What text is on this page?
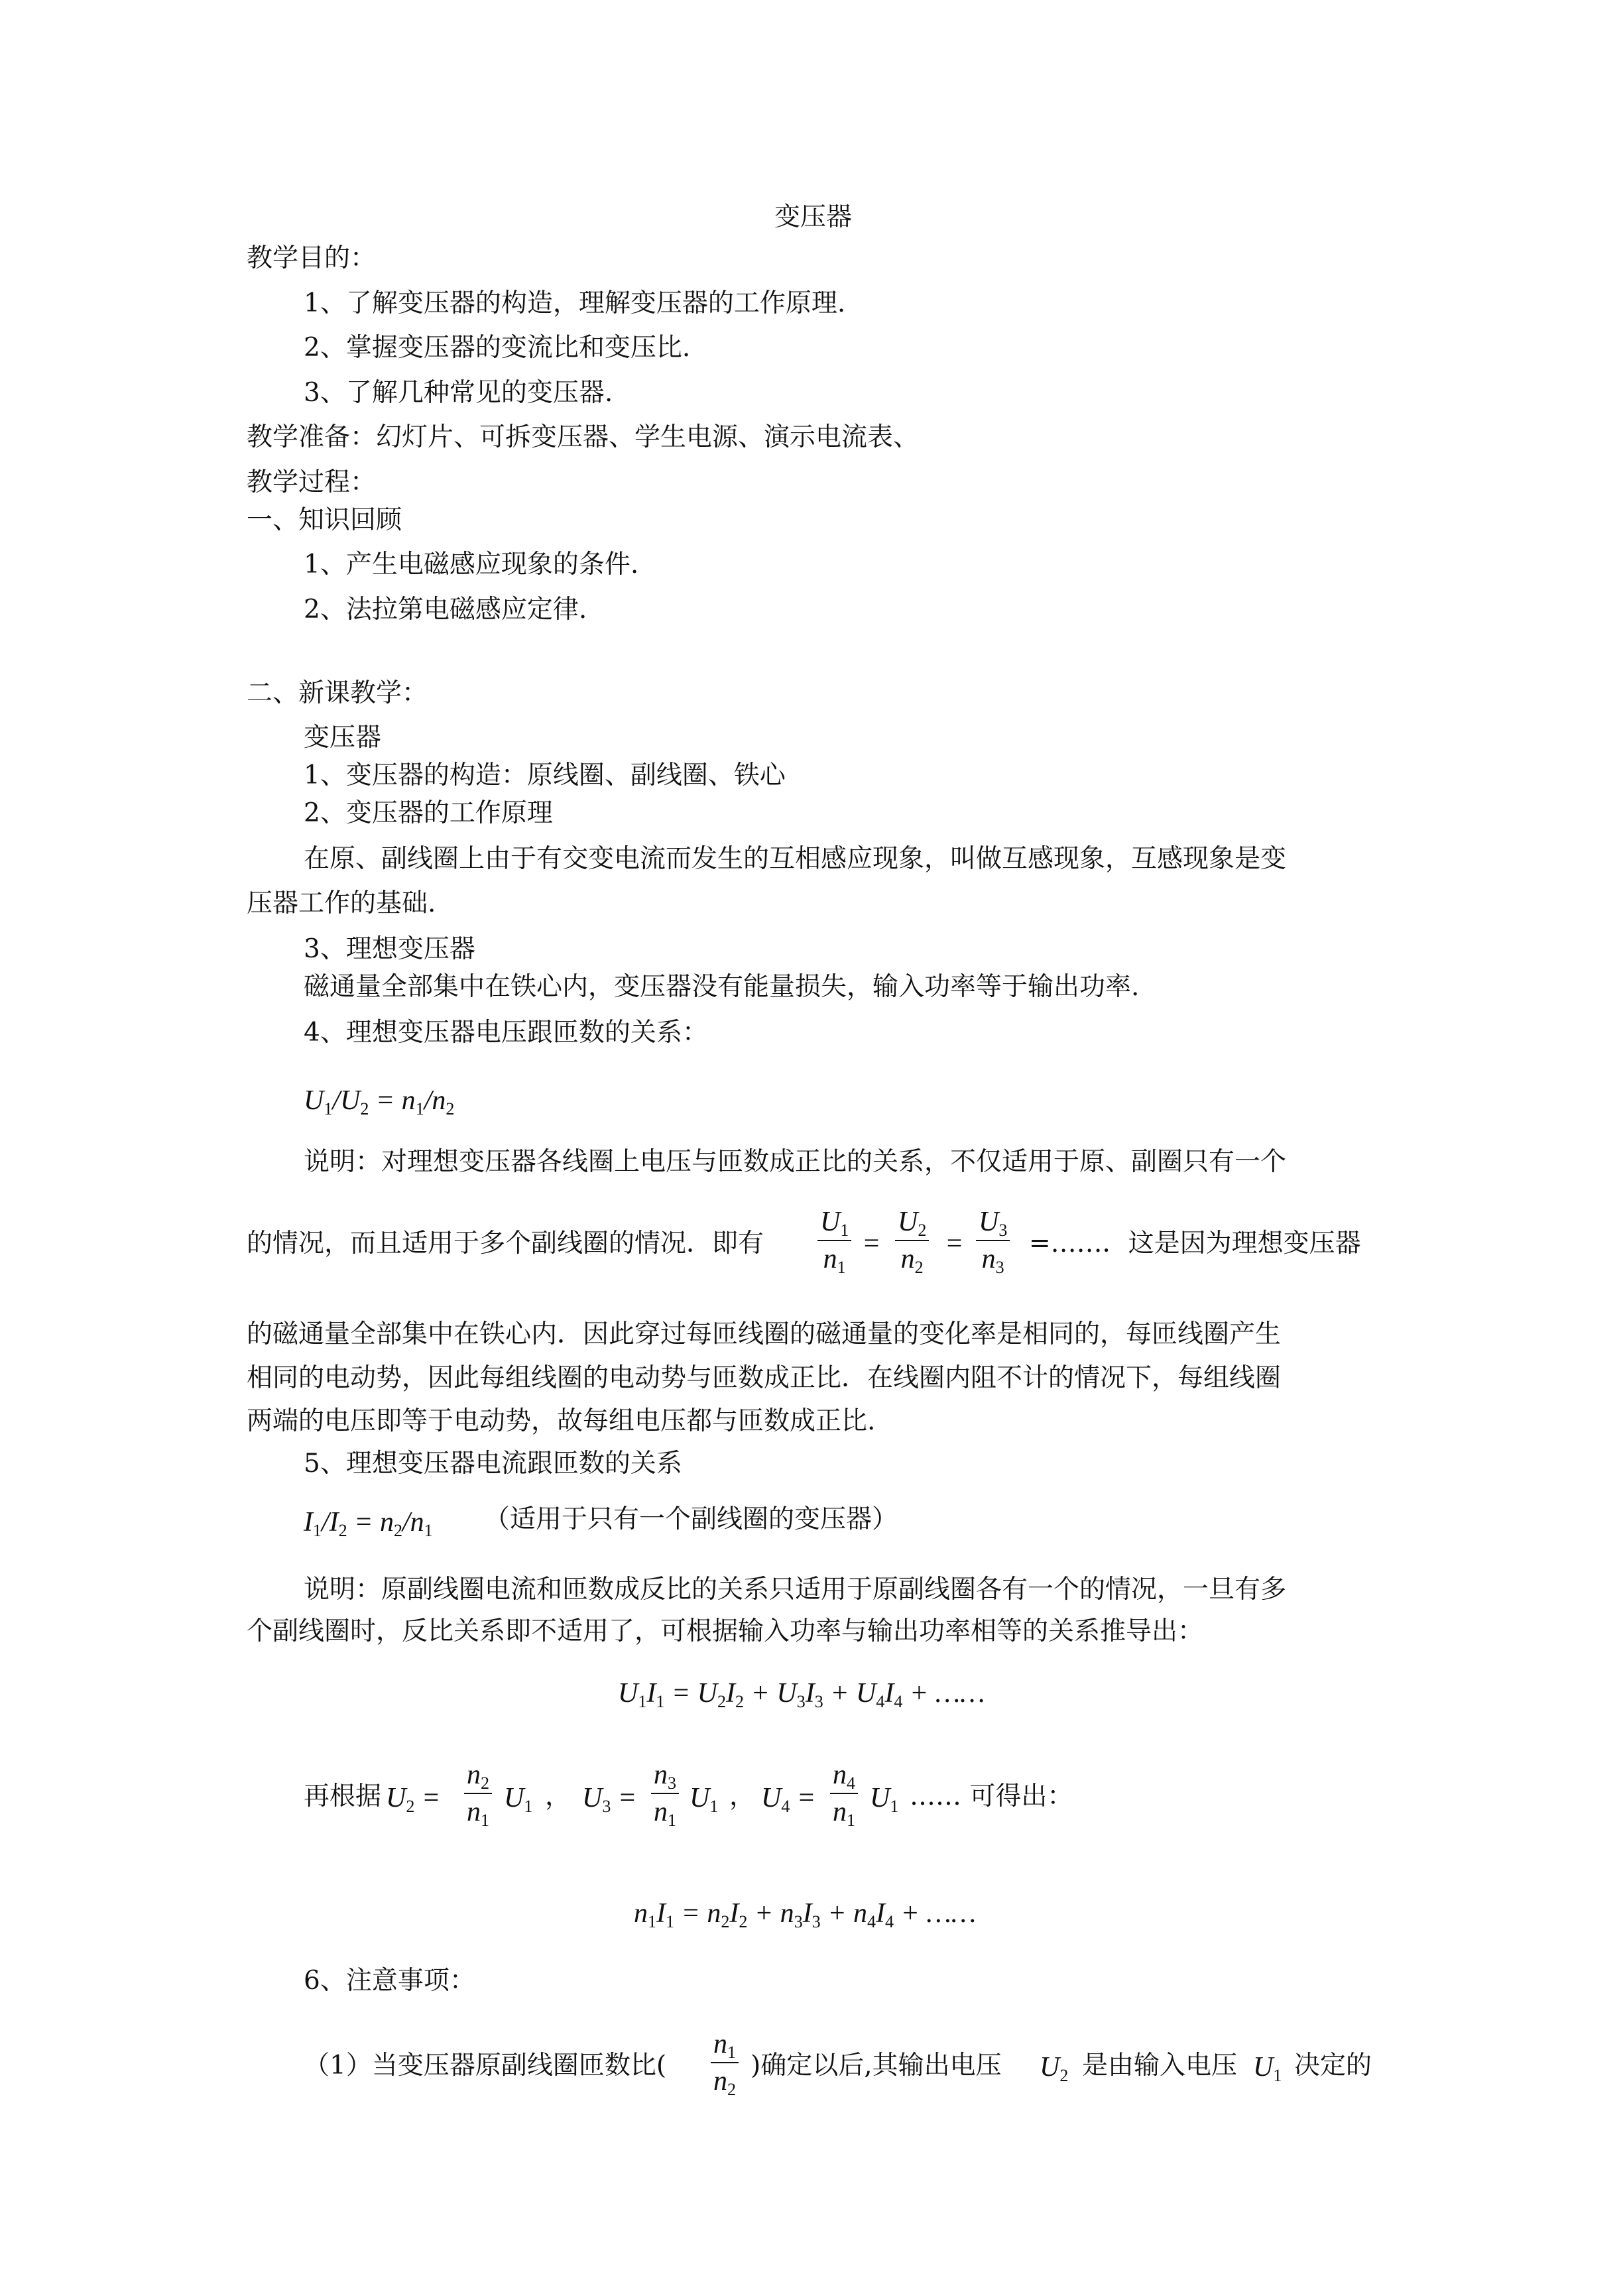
变压器
教学目的：
1、了解变压器的构造，理解变压器的工作原理.
2、掌握变压器的变流比和变压比.
3、了解几种常见的变压器.
教学准备：幻灯片、可拆变压器、学生电源、演示电流表、
教学过程：
一、知识回顾
1、产生电磁感应现象的条件.
2、法拉第电磁感应定律.
二、新课教学：
变压器
1、变压器的构造：原线圈、副线圈、铁心
2、变压器的工作原理
在原、副线圈上由于有交变电流而发生的互相感应现象，叫做互感现象，互感现象是变
压器工作的基础.
3、理想变压器
磁通量全部集中在铁心内，变压器没有能量损失，输入功率等于输出功率.
4、理想变压器电压跟匝数的关系：
$U_1/U_2 = n_1/n_2$
说明：对理想变压器各线圈上电压与匝数成正比的关系，不仅适用于原、副圈只有一个
的情况，而且适用于多个副线圈的情况．即有 $\frac{U_1}{n_1} = \frac{U_2}{n_2} = \frac{U_3}{n_3}$ =……．这是因为理想变压器
的磁通量全部集中在铁心内．因此穿过每匝线圈的磁通量的变化率是相同的，每匝线圈产生
相同的电动势，因此每组线圈的电动势与匝数成正比．在线圈内阻不计的情况下，每组线圈
两端的电压即等于电动势，故每组电压都与匝数成正比.
5、理想变压器电流跟匝数的关系
$I_1/I_2 = n_2/n_1$ （适用于只有一个副线圈的变压器）
说明：原副线圈电流和匝数成反比的关系只适用于原副线圈各有一个的情况，一旦有多
个副线圈时，反比关系即不适用了，可根据输入功率与输出功率相等的关系推导出：
$U_1I_1 = U_2I_2 + U_3I_3 + U_4I_4$ + ……
再根据 $U_2 = \frac{n_2}{n_1} U_1$ ， $U_3 = \frac{n_3}{n_1} U_1$ ， $U_4 = \frac{n_4}{n_1} U_1$ …… 可得出：
$n_1I_1 = n_2I_2 + n_3I_3 + n_4I_4$ + ……
6、注意事项：
（1）当变压器原副线圈匝数比( $\frac{n_1}{n_2}$ )确定以后,其输出电压 $U_2$ 是由输入电压 $U_1$ 决定的
